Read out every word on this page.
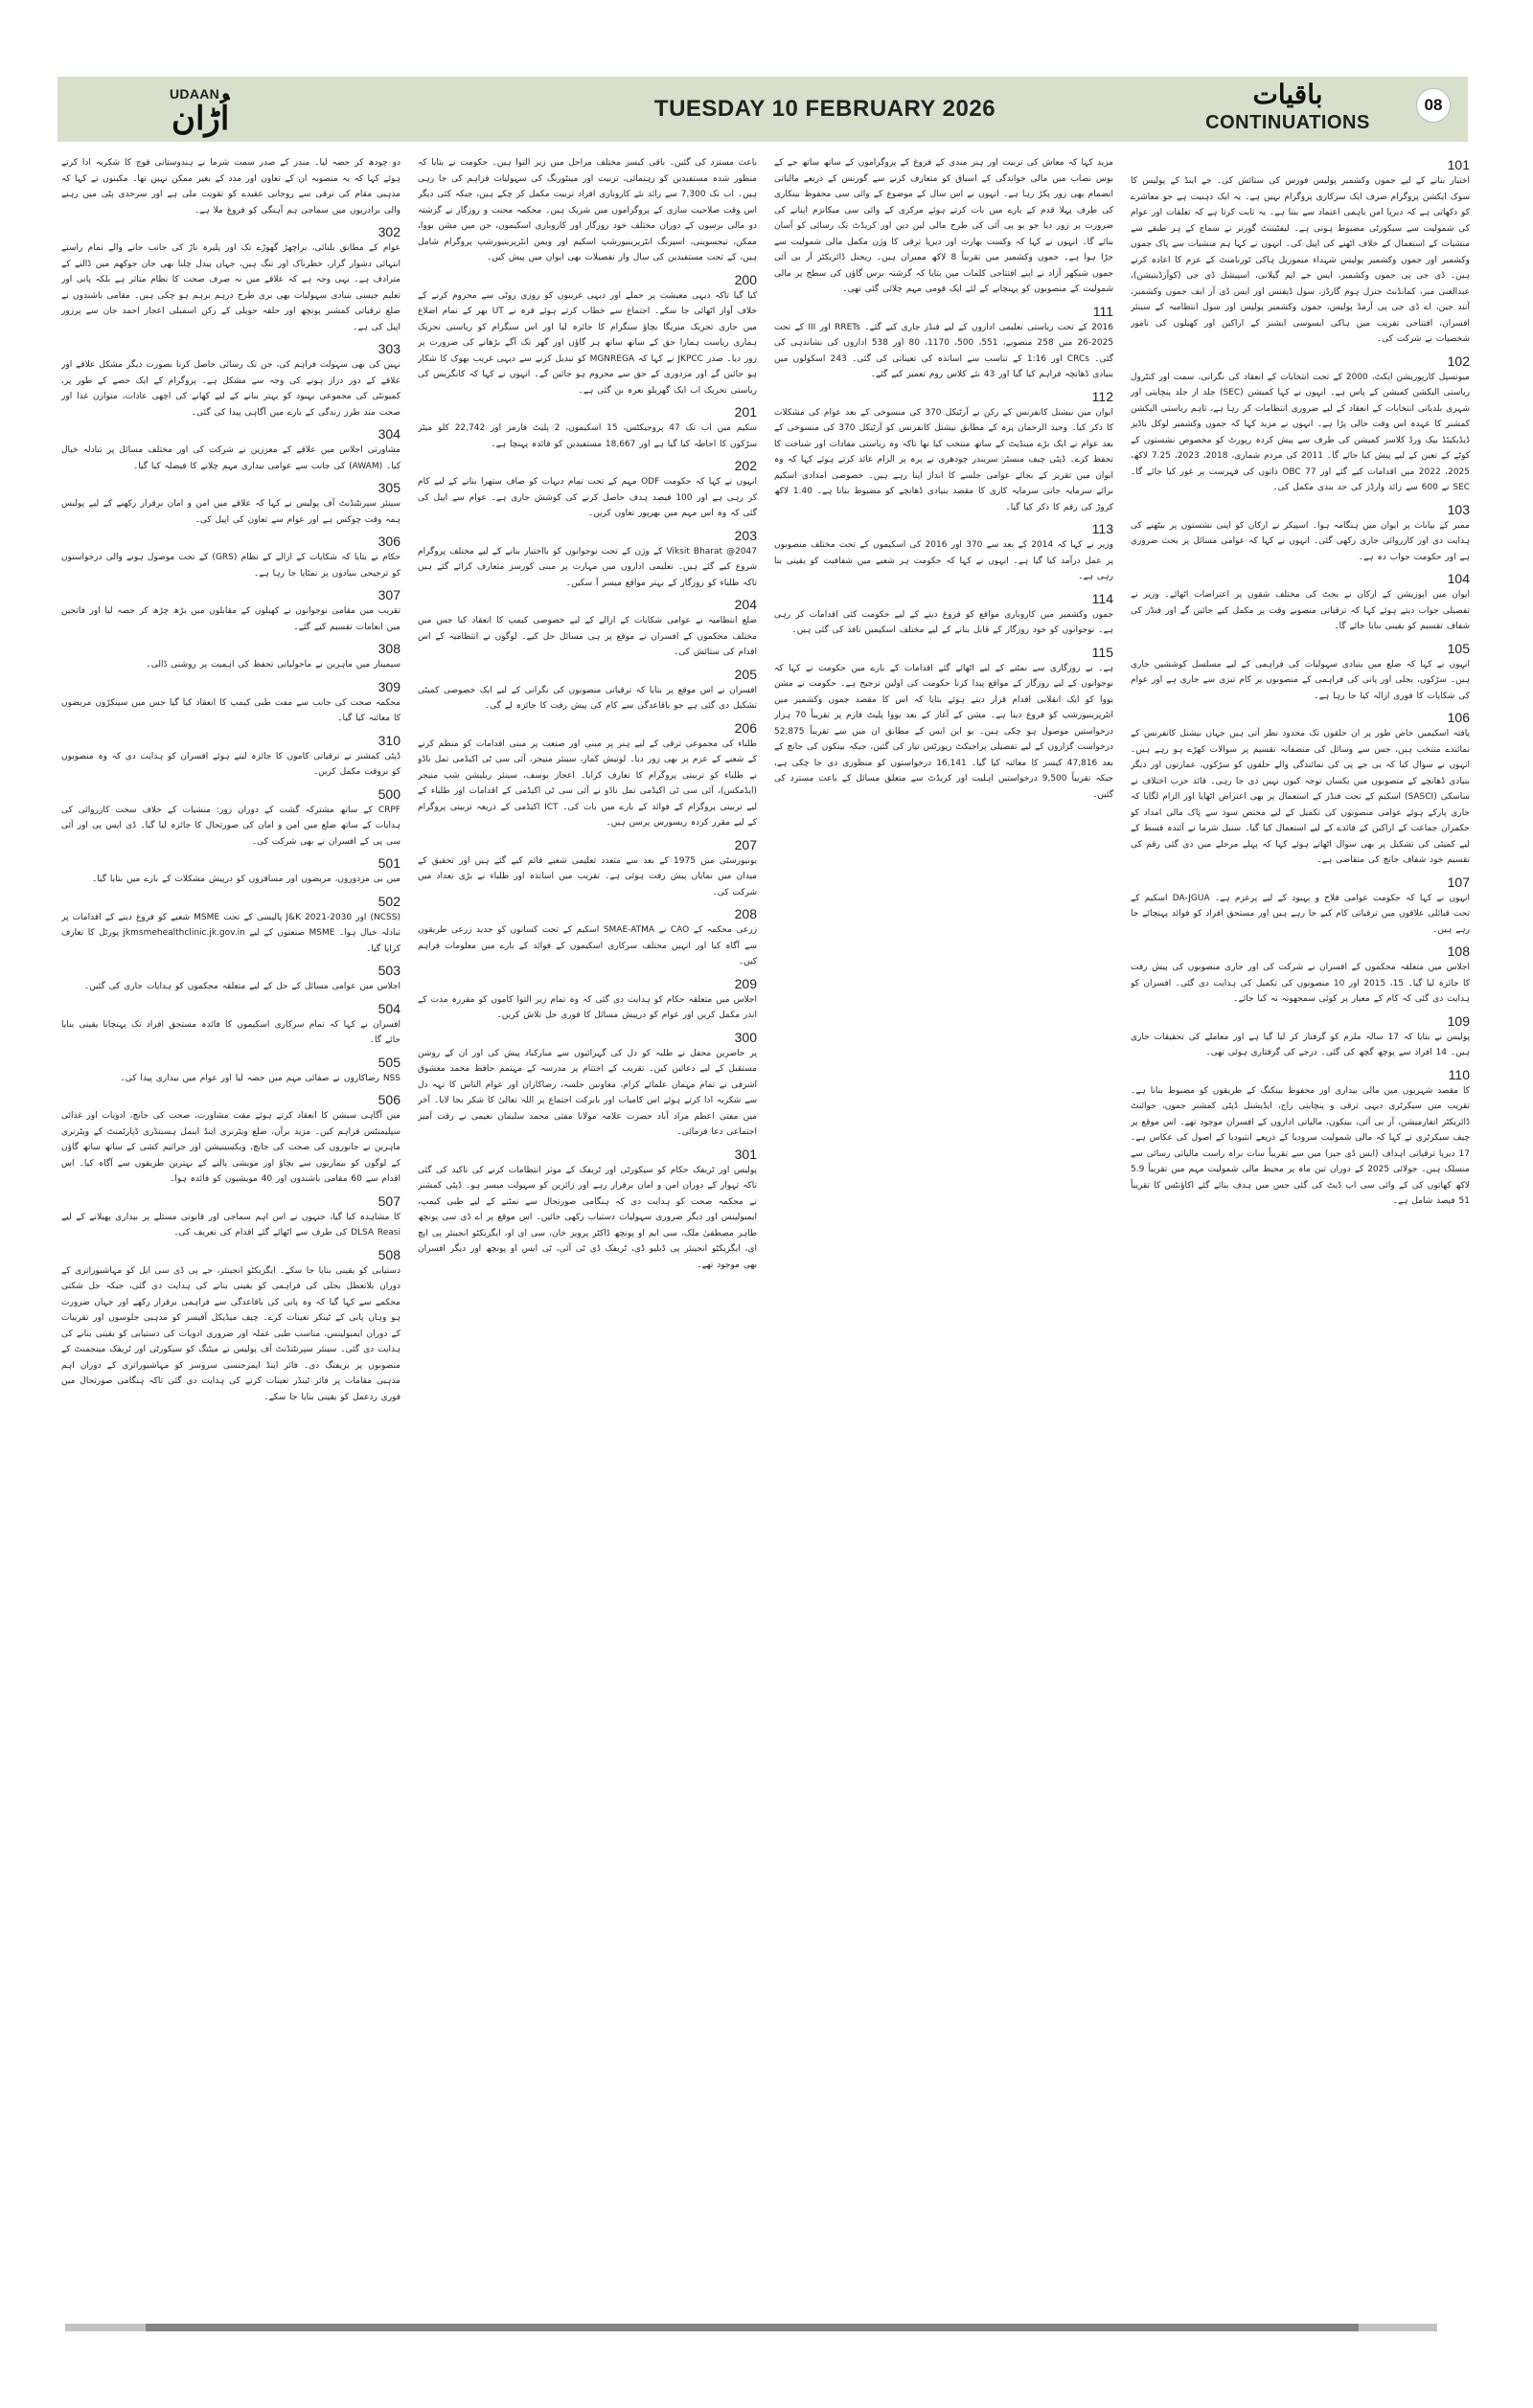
UDAAN
اُڑان	TUESDAY 10 FEBRUARY 2026	باقیات
CONTINUATIONS
08
101
اختیار بنانے کے لیے جموں وکشمیر پولیس فورس کی ستائش کی۔ جے اینڈ کے پولیس کا سوک ایکشن پروگرام صرف ایک سرکاری پروگرام نہیں ہے۔ یہ ایک ذہنیت ہے جو معاشرے کو دکھاتی ہے کہ دیرپا امن باہمی اعتماد سے بنتا ہے۔ یہ ثابت کرتا ہے کہ تعلقات اور عوام کی شمولیت سے سیکورٹی مضبوط ہوتی ہے۔ لیفٹیننٹ گورنر نے سماج کے ہر طبقے سے منشیات کے استعمال کے خلاف اٹھنے کی اپیل کی۔ انہوں نے کہا ہم منشیات سے پاک جموں وکشمیر اور جموں وکشمیر پولیس شہداء میموریل ہاکی ٹورنامنٹ کے عزم کا اعادہ کرتے ہیں۔ ڈی جی پی جموں وکشمیر، ایس جے ایم گیلانی، اسپیشل ڈی جی (کوآرڈینیشن)، عبدالغنی میر، کمانڈنٹ جنرل ہوم گارڈز، سول ڈیفنس اور ایس ڈی آر ایف جموں وکشمیر، آنند جین، اے ڈی جی پی آرمڈ پولیس، جموں وکشمیر پولیس اور سول انتظامیہ کے سینئر افسران، افتتاحی تقریب میں ہاکی ایسوسی ایشنز کے اراکین اور کھیلوں کی نامور شخصیات نے شرکت کی۔
102
میونسپل کارپوریشن ایکٹ، 2000 کے تحت انتخابات کے انعقاد کی نگرانی، سمت اور کنٹرول ریاستی الیکشن کمیشن کے پاس ہے۔ انہوں نے کہا کمیشن (SEC) جلد از جلد پنچایتی اور شہری بلدیاتی انتخابات کے انعقاد کے لیے ضروری انتظامات کر رہا ہے، تاہم ریاستی الیکشن کمشنر کا عہدہ اس وقت خالی پڑا ہے۔ انہوں نے مزید کہا کہ جموں وکشمیر لوکل باڈیز ڈیڈیکیٹڈ بیک ورڈ کلاسز کمیشن کی طرف سے پیش کردہ رپورٹ کو مخصوص نشستوں کے کوٹے کے تعین کے لیے پیش کیا جائے گا۔ 2011 کی مردم شماری، 2018، 2023، 7.25 لاکھ، 2025، 2022 میں اقدامات کیے گئے اور 77 OBC ذاتوں کی فہرست پر غور کیا جائے گا۔ SEC نے 600 سے زائد وارڈز کی حد بندی مکمل کی۔
103
ممبر کے بیانات پر ایوان میں ہنگامہ ہوا۔ اسپیکر نے ارکان کو اپنی نشستوں پر بیٹھنے کی ہدایت دی اور کارروائی جاری رکھی گئی۔ انہوں نے کہا کہ عوامی مسائل پر بحث ضروری ہے اور حکومت جواب دہ ہے۔
104
ایوان میں اپوزیشن کے ارکان نے بجٹ کی مختلف شقوں پر اعتراضات اٹھائے۔ وزیر نے تفصیلی جواب دیتے ہوئے کہا کہ ترقیاتی منصوبے وقت پر مکمل کیے جائیں گے اور فنڈز کی شفاف تقسیم کو یقینی بنایا جائے گا۔
105
انہوں نے کہا کہ ضلع میں بنیادی سہولیات کی فراہمی کے لیے مسلسل کوششیں جاری ہیں۔ سڑکوں، بجلی اور پانی کی فراہمی کے منصوبوں پر کام تیزی سے جاری ہے اور عوام کی شکایات کا فوری ازالہ کیا جا رہا ہے۔
106
یافتہ اسکیمیں خاص طور پر ان حلقوں تک محدود نظر آتی ہیں جہاں نیشنل کانفرنس کے نمائندے منتخب ہیں، جس سے وسائل کی منصفانہ تقسیم پر سوالات کھڑے ہو رہے ہیں۔ انہوں نے سوال کیا کہ بی جے پی کی نمائندگی والے حلقوں کو سڑکوں، عمارتوں اور دیگر بنیادی ڈھانچے کے منصوبوں میں یکساں توجہ کیوں نہیں دی جا رہی۔ قائد حزب اختلاف نے ساسکی (SASCI) اسکیم کے تحت فنڈز کے استعمال پر بھی اعتراض اٹھایا اور الزام لگایا کہ جاری پارکے ہوئے عوامی منصوبوں کی تکمیل کے لیے مختص سود سے پاک مالی امداد کو حکمران جماعت کے اراکین کے فائدے کے لیے استعمال کیا گیا۔ سنیل شرما نے آئندہ قسط کے لیے کمیٹی کی تشکیل پر بھی سوال اٹھاتے ہوئے کہا کہ پہلے مرحلے میں دی گئی رقم کی تقسیم خود شفاف جانچ کی متقاضی ہے۔
107
انہوں نے کہا کہ حکومت عوامی فلاح و بہبود کے لیے پرعزم ہے۔ DA-JGUA اسکیم کے تحت قبائلی علاقوں میں ترقیاتی کام کیے جا رہے ہیں اور مستحق افراد کو فوائد پہنچائے جا رہے ہیں۔
108
اجلاس میں متعلقہ محکموں کے افسران نے شرکت کی اور جاری منصوبوں کی پیش رفت کا جائزہ لیا گیا۔ 15، 2015 اور 10 منصوبوں کی تکمیل کی ہدایت دی گئی۔ افسران کو ہدایت دی گئی کہ کام کے معیار پر کوئی سمجھوتہ نہ کیا جائے۔
109
پولیس نے بتایا کہ 17 سالہ ملزم کو گرفتار کر لیا گیا ہے اور معاملے کی تحقیقات جاری ہیں۔ 14 افراد سے پوچھ گچھ کی گئی۔ درجے کی گرفتاری ہوئی تھی۔
110
کا مقصد شہریوں میں مالی بیداری اور محفوظ بینکنگ کے طریقوں کو مضبوط بنانا ہے۔ تقریب میں سیکرٹری دیہی ترقی و پنچایتی راج، ایڈیشنل ڈپٹی کمشنر جموں، جوائنٹ ڈائریکٹر انفارمیشن، آر بی آئی، بینکوں، مالیاتی اداروں کے افسران موجود تھے۔ اس موقع پر چیف سیکرٹری نے کہا کہ مالی شمولیت سرودیا کے ذریعے انتیودیا کے اصول کی عکاس ہے۔ 17 دیرپا ترقیاتی اہداف (ایس ڈی جیز) میں سے تقریباً سات براہ راست مالیاتی رسائی سے منسلک ہیں۔ جولائی 2025 کے دوران تین ماہ پر محیط مالی شمولیت مہم میں تقریباً 5.9 لاکھ کھاتوں کی کے وائی سی اپ ڈیٹ کی گئی جس میں ہدف بنائے گئے اکاؤنٹس کا تقریباً 51 فیصد شامل ہے۔
مزید کہا کہ معاش کی تربیت اور ہنر مندی کے فروغ کے پروگراموں کے ساتھ ساتھ جے کے بوس نصاب میں مالی خواندگی کے اسباق کو متعارف کرنے سے گورنس کے ذریعے مالیاتی انضمام بھی زور پکڑ رہا ہے۔ انہوں نے اس سال کے موضوع کے وائی سی محفوظ بینکاری کی طرف پہلا قدم کے بارے میں بات کرتے ہوئے مرکزی کے وائی سی میکانزم اپنانے کی ضرورت پر زور دیا جو یو پی آئی کی طرح مالی لین دین اور کریڈٹ تک رسائی کو آسان بنائے گا۔ انہوں نے کہا کہ وکست بھارت اور دیرپا ترقی کا وژن مکمل مالی شمولیت سے جڑا ہوا ہے۔ جموں وکشمیر میں تقریباً 8 لاکھ ممبران ہیں۔ ریجنل ڈائریکٹر آر بی آئی جموں شیکھر آزاد نے اپنے افتتاحی کلمات میں بتایا کہ گزشتہ برس گاؤں کی سطح پر مالی شمولیت کے منصوبوں کو پہنچانے کے لئے ایک قومی مہم چلائی گئی تھی۔
111
2016 کے تحت ریاستی تعلیمی اداروں کے لیے فنڈز جاری کیے گئے۔ RRETs اور III کے تحت 2025-26 میں 258 منصوبے، 551، 500، 1170، 80 اور 538 اداروں کی نشاندہی کی گئی۔ CRCs اور 1:16 کے تناسب سے اساتذہ کی تعیناتی کی گئی۔ 243 اسکولوں میں بنیادی ڈھانچہ فراہم کیا گیا اور 43 نئے کلاس روم تعمیر کیے گئے۔
112
ایوان میں نیشنل کانفرنس کے رکن نے آرٹیکل 370 کی منسوخی کے بعد عوام کی مشکلات کا ذکر کیا۔ وحید الرحمان پرہ کے مطابق نیشنل کانفرنس کو آرٹیکل 370 کی منسوخی کے بعد عوام نے ایک بڑے مینڈیٹ کے ساتھ منتخب کیا تھا تاکہ وہ ریاستی مفادات اور شناخت کا تحفظ کرے۔ ڈپٹی چیف منسٹر سریندر چودھری نے پرہ پر الزام عائد کرتے ہوئے کہا کہ وہ ایوان میں تقریر کے بجائے عوامی جلسے کا انداز اپنا رہے ہیں۔ خصوصی امدادی اسکیم برائے سرمایہ جاتی سرمایہ کاری کا مقصد بنیادی ڈھانچے کو مضبوط بنانا ہے۔ 1.40 لاکھ کروڑ کی رقم کا ذکر کیا گیا۔
113
وزیر نے کہا کہ 2014 کے بعد سے 370 اور 2016 کی اسکیموں کے تحت مختلف منصوبوں پر عمل درآمد کیا گیا ہے۔ انہوں نے کہا کہ حکومت ہر شعبے میں شفافیت کو یقینی بنا رہی ہے۔
114
جموں وکشمیر میں کاروباری مواقع کو فروغ دینے کے لیے حکومت کئی اقدامات کر رہی ہے۔ نوجوانوں کو خود روزگار کے قابل بنانے کے لیے مختلف اسکیمیں نافذ کی گئی ہیں۔
115
ہے۔ بے روزگاری سے نمٹنے کے لیے اٹھائے گئے اقدامات کے بارے میں حکومت نے کہا کہ نوجوانوں کے لیے روزگار کے مواقع پیدا کرنا حکومت کی اولین ترجیح ہے۔ حکومت نے مشن یووا کو ایک انقلابی اقدام قرار دیتے ہوئے بتایا کہ اس کا مقصد جموں وکشمیر میں انٹرپرینیورشپ کو فروغ دینا ہے۔ مشن کے آغاز کے بعد یووا پلیٹ فارم پر تقریباً 70 ہزار درخواستیں موصول ہو چکی ہیں۔ یو این ایس کے مطابق ان میں سے تقریباً 52,875 درخواست گزاروں کے لیے تفصیلی پراجیکٹ رپورٹس تیار کی گئیں، جبکہ بینکوں کی جانچ کے بعد 47,816 کیسز کا معائنہ کیا گیا۔ 16,141 درخواستوں کو منظوری دی جا چکی ہے، جبکہ تقریباً 9,500 درخواستیں اہلیت اور کریڈٹ سے متعلق مسائل کے باعث مسترد کی گئیں۔
باعث مسترد کی گئیں۔ باقی کیسز مختلف مراحل میں زیر التوا ہیں۔ حکومت نے بتایا کہ منظور شدہ مستفیدین کو رہنمائی، تربیت اور مینٹورنگ کی سہولیات فراہم کی جا رہی ہیں۔ اب تک 7,300 سے زائد نئے کاروباری افراد تربیت مکمل کر چکے ہیں، جبکہ کئی دیگر اس وقت صلاحیت سازی کے پروگراموں میں شریک ہیں۔ محکمہ محنت و روزگار نے گزشتہ دو مالی برسوں کے دوران مختلف خود روزگار اور کاروباری اسکیموں، جن میں مشن یووا، ممکن، تیجسوینی، اسپرنگ انٹرپرینیورشپ اسکیم اور ویمن انٹرپرینیورشپ پروگرام شامل ہیں، کے تحت مستفیدین کی سال وار تفصیلات بھی ایوان میں پیش کیں۔
200
کیا گیا تاکہ دیہی معیشت پر حملے اور دیہی غریبوں کو روزی روٹی سے محروم کرنے کے خلاف آواز اٹھائی جا سکے۔ اجتماع سے خطاب کرتے ہوئے قرہ نے UT بھر کے تمام اضلاع میں جاری تحریک منریگا بچاؤ سنگرام کا جائزہ لیا اور اس سنگرام کو ریاستی تحریک ہماری ریاست ہمارا حق کے ساتھ ساتھ ہر گاؤں اور گھر تک آگے بڑھانے کی ضرورت پر زور دیا۔ صدر JKPCC نے کہا کہ MGNREGA کو تبدیل کرنے سے دیہی غریب بھوک کا شکار ہو جائیں گے اور مزدوری کے حق سے محروم ہو جائیں گے۔ انہوں نے کہا کہ کانگریس کی ریاستی تحریک اب ایک گھریلو نعرہ بن گئی ہے۔
201
سکیم میں اب تک 47 پروجیکٹس، 15 اسکیموں، 2 پلیٹ فارمز اور 22,742 کلو میٹر سڑکوں کا احاطہ کیا گیا ہے اور 18,667 مستفیدین کو فائدہ پہنچا ہے۔
202
انہوں نے کہا کہ حکومت ODF مہم کے تحت تمام دیہات کو صاف ستھرا بنانے کے لیے کام کر رہی ہے اور 100 فیصد ہدف حاصل کرنے کی کوشش جاری ہے۔ عوام سے اپیل کی گئی کہ وہ اس مہم میں بھرپور تعاون کریں۔
203
Viksit Bharat @2047 کے وژن کے تحت نوجوانوں کو بااختیار بنانے کے لیے مختلف پروگرام شروع کیے گئے ہیں۔ تعلیمی اداروں میں مہارت پر مبنی کورسز متعارف کرائے گئے ہیں تاکہ طلباء کو روزگار کے بہتر مواقع میسر آ سکیں۔
204
ضلع انتظامیہ نے عوامی شکایات کے ازالے کے لیے خصوصی کیمپ کا انعقاد کیا جس میں مختلف محکموں کے افسران نے موقع پر ہی مسائل حل کیے۔ لوگوں نے انتظامیہ کے اس اقدام کی ستائش کی۔
205
افسران نے اس موقع پر بتایا کہ ترقیاتی منصوبوں کی نگرانی کے لیے ایک خصوصی کمیٹی تشکیل دی گئی ہے جو باقاعدگی سے کام کی پیش رفت کا جائزہ لے گی۔
206
طلباء کی مجموعی ترقی کے لیے ہنر پر مبنی اور صنعت پر مبنی اقدامات کو منظم کرنے کے شعبے کے عزم پر بھی زور دیا۔ لوتیش کمار، سینئر منیجر، آئی سی ٹی اکیڈمی تمل ناڈو نے طلباء کو تربیتی پروگرام کا تعارف کرایا۔ اعجاز یوسف، سینئر ریلیشن شپ منیجر (ایڈمکس)، آئی سی ٹی اکیڈمی تمل ناڈو نے آئی سی ٹی اکیڈمی کے اقدامات اور طلباء کے لیے تربیتی پروگرام کے فوائد کے بارے میں بات کی۔ ICT اکیڈمی کے ذریعہ تربیتی پروگرام کے لیے مقرر کردہ ریسورس پرسن ہیں۔
207
یونیورسٹی میں 1975 کے بعد سے متعدد تعلیمی شعبے قائم کیے گئے ہیں اور تحقیق کے میدان میں نمایاں پیش رفت ہوئی ہے۔ تقریب میں اساتذہ اور طلباء نے بڑی تعداد میں شرکت کی۔
208
زرعی محکمہ کے CAO نے SMAE-ATMA اسکیم کے تحت کسانوں کو جدید زرعی طریقوں سے آگاہ کیا اور انہیں مختلف سرکاری اسکیموں کے فوائد کے بارے میں معلومات فراہم کیں۔
209
اجلاس میں متعلقہ حکام کو ہدایت دی گئی کہ وہ تمام زیر التوا کاموں کو مقررہ مدت کے اندر مکمل کریں اور عوام کو درپیش مسائل کا فوری حل تلاش کریں۔
300
پر حاضرین محفل نے طلبہ کو دل کی گہرائیوں سے مبارکباد پیش کی اور ان کے روشن مستقبل کے لیے دعائیں کیں۔ تقریب کے اختتام پر مدرسہ کے مہتمم حافظ محمد معشوق اشرفی نے تمام مہمان علمائے کرام، معاونین جلسہ، رضاکاران اور عوام الناس کا تہہ دل سے شکریہ ادا کرتے ہوئے اس کامیاب اور بابرکت اجتماع پر اللہ تعالیٰ کا شکر بجا لایا۔ آخر میں مفتی اعظم مراد آباد حضرت علامہ مولانا مفتی محمد سلیمان نعیمی نے رقت آمیز اجتماعی دعا فرمائی۔
301
پولیس اور ٹریفک حکام کو سیکورٹی اور ٹریفک کے موثر انتظامات کرنے کی تاکید کی گئی تاکہ تہوار کے دوران امن و امان برقرار رہے اور زائرین کو سہولت میسر ہو۔ ڈپٹی کمشنر نے محکمہ صحت کو ہدایت دی کہ ہنگامی صورتحال سے نمٹنے کے لیے طبی کیمپ، ایمبولینس اور دیگر ضروری سہولیات دستیاب رکھی جائیں۔ اس موقع پر اے ڈی سی پونچھ طاہر مصطفیٰ ملک، سی ایم او پونچھ ڈاکٹر پرویز خان، سی ای او، ایگزیکٹو انجینئر پی ایچ ای، ایگزیکٹو انجینئر پی ڈبلیو ڈی، ٹریفک ڈی ٹی آئی، ٹی ایس او پونچھ اور دیگر افسران بھی موجود تھے۔
دو چودھ کر حصہ لیا۔ مندر کے صدر سمت شرما نے ہندوستانی فوج کا شکریہ ادا کرتے ہوئے کہا کہ یہ منصوبہ ان کے تعاون اور مدد کے بغیر ممکن نہیں تھا۔ مکینوں نے کہا کہ مذہبی مقام کی ترقی سے روحانی عقیدے کو تقویت ملی ہے اور سرحدی پٹی میں رہنے والی برادریوں میں سماجی ہم آہنگی کو فروغ ملا ہے۔
302
عوام کے مطابق بلنائی، براچھڑ گھوڑے تک اور پلیرہ ناڑ کی جانب جانے والے تمام راستے انتہائی دشوار گزار، خطرناک اور تنگ ہیں، جہاں پیدل چلنا بھی جان جوکھم میں ڈالنے کے مترادف ہے۔ یہی وجہ ہے کہ علاقے میں نہ صرف صحت کا نظام متاثر ہے بلکہ پانی اور تعلیم جیسی بنیادی سہولیات بھی بری طرح درہم برہم ہو چکی ہیں۔ مقامی باشندوں نے ضلع ترقیاتی کمشنر پونچھ اور حلقہ حویلی کے رکن اسمبلی اعجاز احمد جان سے پرزور اپیل کی ہے۔
303
نہیں کی بھی سہولت فراہم کی، جن تک رسائی حاصل کرنا بصورت دیگر مشکل علاقے اور علاقے کے دور دراز ہونے کی وجہ سے مشکل ہے۔ پروگرام کے ایک حصے کے طور پر، کمیونٹی کی مجموعی بہبود کو بہتر بنانے کے لیے کھانے کی اچھی عادات، متوازن غذا اور صحت مند طرز زندگی کے بارے میں آگاہی پیدا کی گئی۔
304
مشاورتی اجلاس میں علاقے کے معززین نے شرکت کی اور مختلف مسائل پر تبادلہ خیال کیا۔ (AWAM) کی جانب سے عوامی بیداری مہم چلانے کا فیصلہ کیا گیا۔
305
سینئر سپرنٹنڈنٹ آف پولیس نے کہا کہ علاقے میں امن و امان برقرار رکھنے کے لیے پولیس ہمہ وقت چوکس ہے اور عوام سے تعاون کی اپیل کی۔
306
حکام نے بتایا کہ شکایات کے ازالے کے نظام (GRS) کے تحت موصول ہونے والی درخواستوں کو ترجیحی بنیادوں پر نمٹایا جا رہا ہے۔
307
تقریب میں مقامی نوجوانوں نے کھیلوں کے مقابلوں میں بڑھ چڑھ کر حصہ لیا اور فاتحین میں انعامات تقسیم کیے گئے۔
308
سیمینار میں ماہرین نے ماحولیاتی تحفظ کی اہمیت پر روشنی ڈالی۔
309
محکمہ صحت کی جانب سے مفت طبی کیمپ کا انعقاد کیا گیا جس میں سینکڑوں مریضوں کا معائنہ کیا گیا۔
310
ڈپٹی کمشنر نے ترقیاتی کاموں کا جائزہ لیتے ہوئے افسران کو ہدایت دی کہ وہ منصوبوں کو بروقت مکمل کریں۔
500
CRPF کے ساتھ مشترکہ گشت کے دوران زور: منشیات کے خلاف سخت کارروائی کی ہدایات کے ساتھ ضلع میں امن و امان کی صورتحال کا جائزہ لیا گیا۔ ڈی ایس پی اور آئی سی پی کے افسران نے بھی شرکت کی۔
501
میں بی مزدوروں، مریضوں اور مسافروں کو درپیش مشکلات کے بارے میں بتایا گیا۔
502
(NCSS) اور J&K 2021-2030 پالیسی کے تحت MSME شعبے کو فروغ دینے کے اقدامات پر تبادلہ خیال ہوا۔ MSME صنعتوں کے لیے jkmsmehealthclinic.jk.gov.in پورٹل کا تعارف کرایا گیا۔
503
اجلاس میں عوامی مسائل کے حل کے لیے متعلقہ محکموں کو ہدایات جاری کی گئیں۔
504
افسران نے کہا کہ تمام سرکاری اسکیموں کا فائدہ مستحق افراد تک پہنچانا یقینی بنایا جائے گا۔
505
NSS رضاکاروں نے صفائی مہم میں حصہ لیا اور عوام میں بیداری پیدا کی۔
506
میں آگاہی سیشن کا انعقاد کرتے ہوئے مفت مشاورت، صحت کی جانچ، ادویات اور غذائی سپلیمنٹس فراہم کیں۔ مزید برآں، ضلع ویٹرنری اینڈ اینمل ہسبنڈری ڈپارٹمنٹ کے ویٹرنری ماہرین نے جانوروں کی صحت کی جانچ، ویکسینیشن اور جراثیم کشی کے ساتھ ساتھ گاؤں کے لوگوں کو بیماریوں سے بچاؤ اور مویشی پالنے کے بہترین طریقوں سے آگاہ کیا۔ اس اقدام سے 60 مقامی باشندوں اور 40 مویشیوں کو فائدہ ہوا۔
507
کا مشاہدہ کیا گیا، جنہوں نے اس اہم سماجی اور قانونی مسئلے پر بیداری پھیلانے کے لیے DLSA Reasi کی طرف سے اٹھائے گئے اقدام کی تعریف کی۔
508
دستیابی کو یقینی بنایا جا سکے۔ ایگزیکٹو انجینئر، جے پی ڈی سی ایل کو مہاشیوراتری کے دوران بلاتعطل بجلی کی فراہمی کو یقینی بنانے کی ہدایت دی گئی، جبکہ جل شکتی محکمے سے کہا گیا کہ وہ پانی کی باقاعدگی سے فراہمی برقرار رکھے اور جہاں ضرورت ہو وہاں پانی کے ٹینکر تعینات کرے۔ چیف میڈیکل آفیسر کو مذہبی جلوسوں اور تقریبات کے دوران ایمبولینس، مناسب طبی عملہ اور ضروری ادویات کی دستیابی کو یقینی بنانے کی ہدایت دی گئی۔ سینئر سپرنٹنڈنٹ آف پولیس نے میٹنگ کو سیکورٹی اور ٹریفک مینجمنٹ کے منصوبوں پر بریفنگ دی۔ فائر اینڈ ایمرجنسی سروسز کو مہاشیوراتری کے دوران اہم مذہبی مقامات پر فائر ٹینڈر تعینات کرنے کی ہدایت دی گئی تاکہ ہنگامی صورتحال میں فوری ردعمل کو یقینی بنایا جا سکے۔
